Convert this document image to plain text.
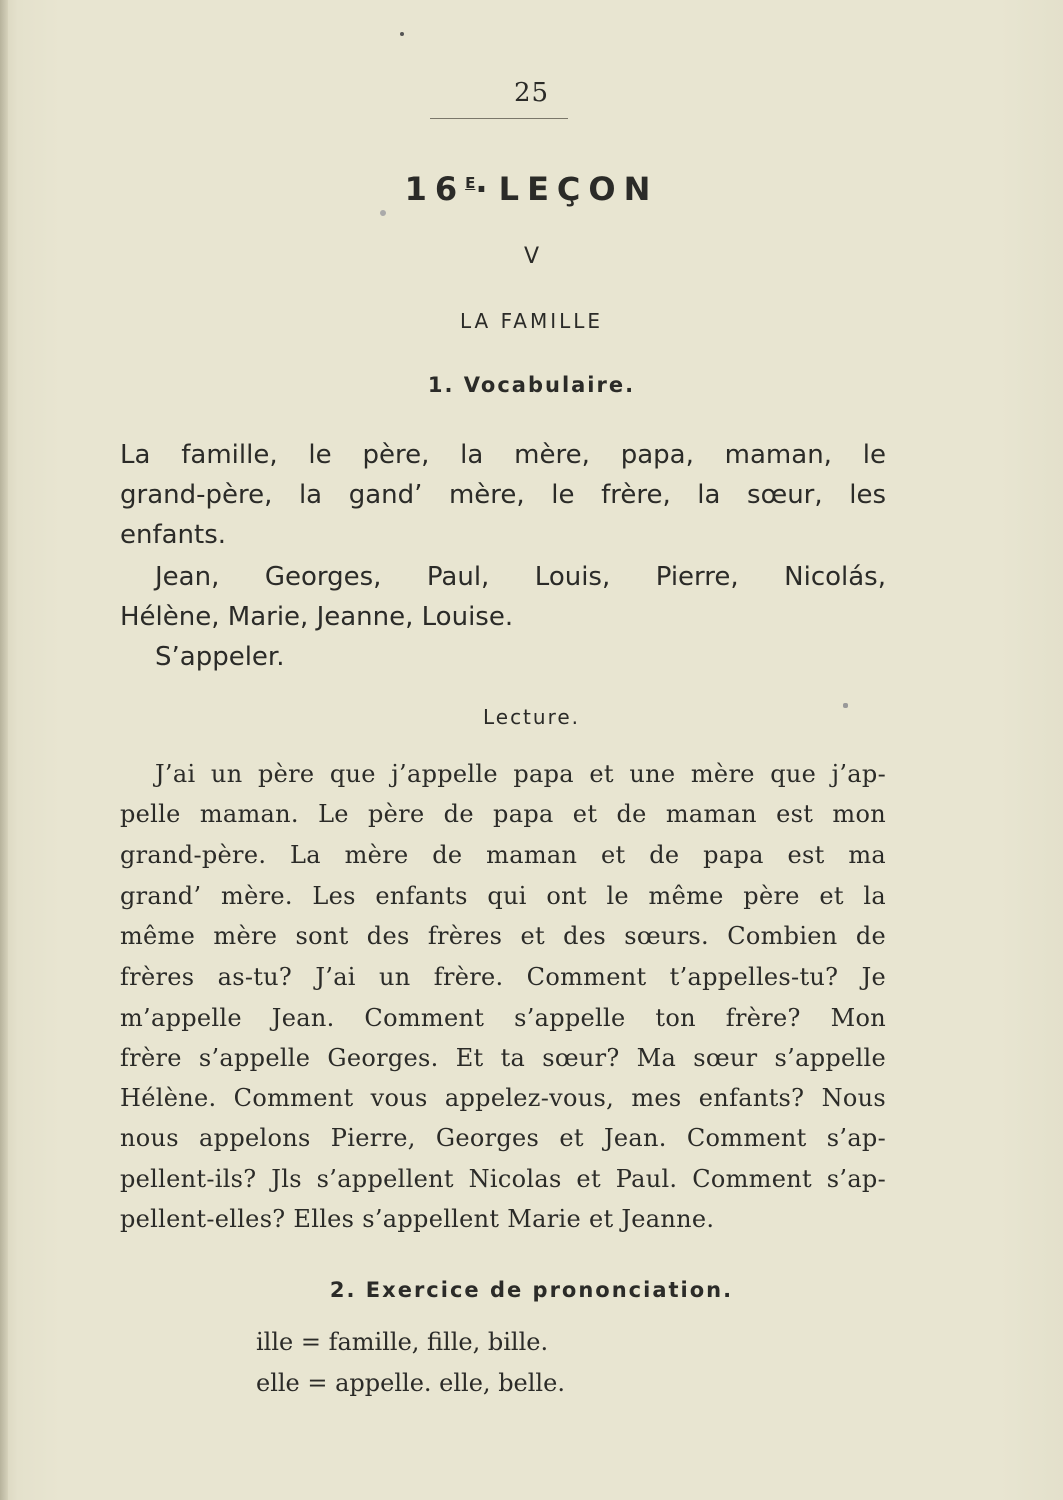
25
$16^E\cdot$ LEÇON
V
LA FAMILLE
1. Vocabulaire.
La famille, le père, la mère, papa, maman, le
grand-père, la gand’ mère, le frère, la sœur, les
enfants.
Jean, Georges, Paul, Louis, Pierre, Nicolás,
Hélène, Marie, Jeanne, Louise.
S’appeler.
Lecture.
J’ai un père que j’appelle papa et une mère que j’ap-
pelle maman. Le père de papa et de maman est mon
grand-père. La mère de maman et de papa est ma
grand’ mère. Les enfants qui ont le même père et la
même mère sont des frères et des sœurs. Combien de
frères as-tu? J’ai un frère. Comment t’appelles-tu? Je
m’appelle Jean. Comment s’appelle ton frère? Mon
frère s’appelle Georges. Et ta sœur? Ma sœur s’appelle
Hélène. Comment vous appelez-vous, mes enfants? Nous
nous appelons Pierre, Georges et Jean. Comment s’ap-
pellent-ils? Jls s’appellent Nicolas et Paul. Comment s’ap-
pellent-elles? Elles s’appellent Marie et Jeanne.
2. Exercice de prononciation.
ille = famille, fille, bille.
elle = appelle. elle, belle.
